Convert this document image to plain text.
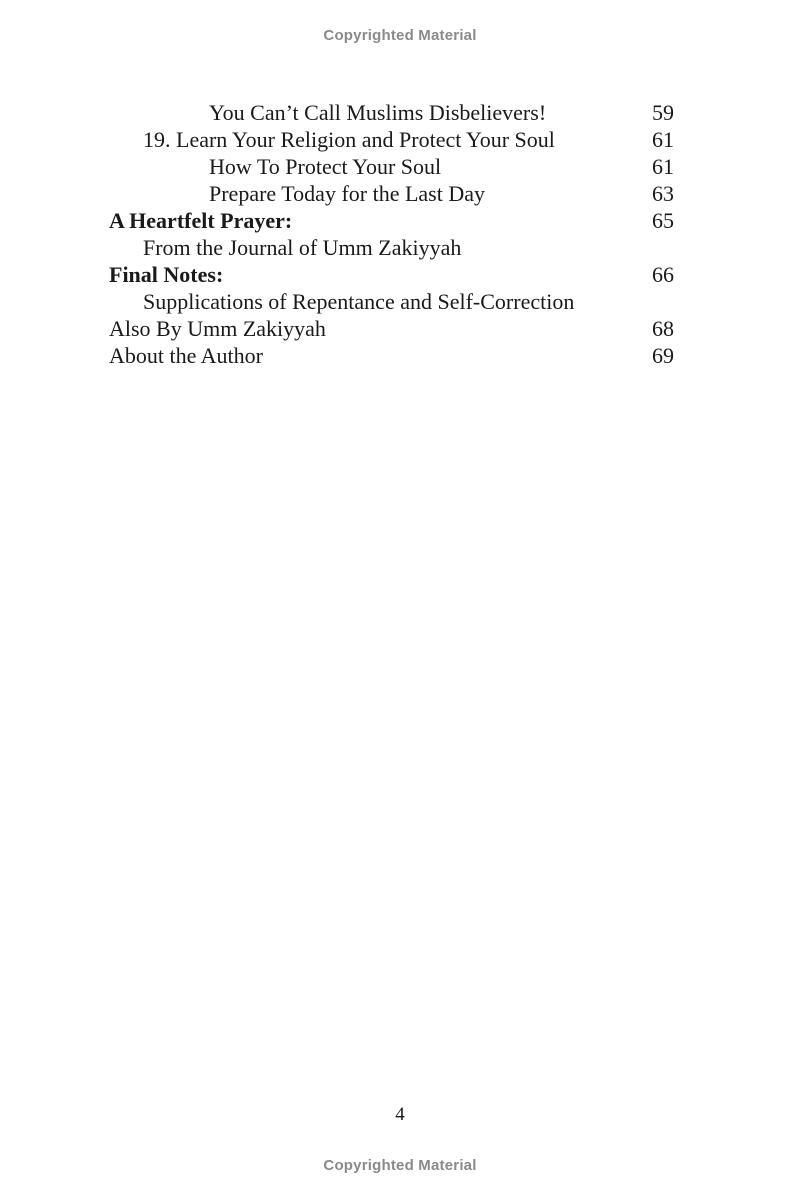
Copyrighted Material
You Can’t Call Muslims Disbelievers!	59
19. Learn Your Religion and Protect Your Soul	61
How To Protect Your Soul	61
Prepare Today for the Last Day	63
A Heartfelt Prayer:	65
From the Journal of Umm Zakiyyah
Final Notes:	66
Supplications of Repentance and Self-Correction
Also By Umm Zakiyyah	68
About the Author	69
4
Copyrighted Material
